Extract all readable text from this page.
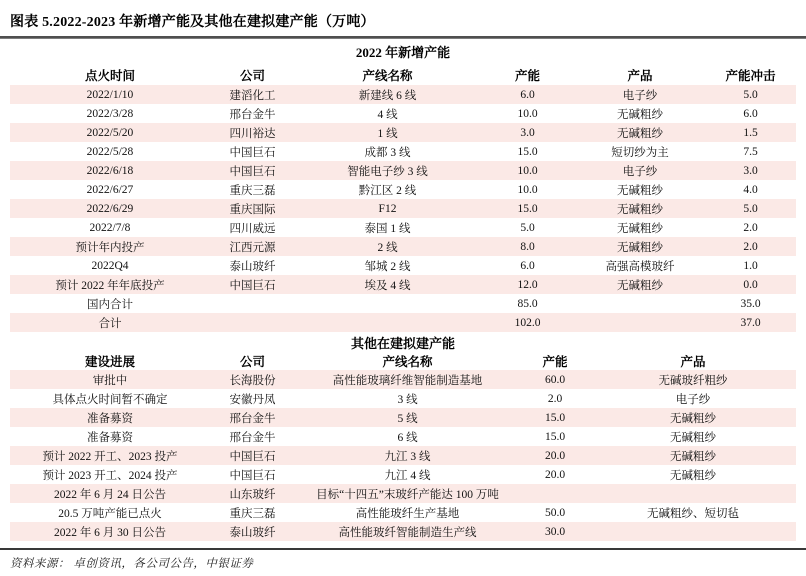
图表 5.2022-2023 年新增产能及其他在建拟建产能（万吨）
2022 年新增产能					
点火时间	公司	产线名称	产能	产品	产能冲击
2022/1/10	建滔化工	新建线 6 线	6.0	电子纱	5.0
2022/3/28	邢台金牛	4 线	10.0	无碱粗纱	6.0
2022/5/20	四川裕达	1 线	3.0	无碱粗纱	1.5
2022/5/28	中国巨石	成都 3 线	15.0	短切纱为主	7.5
2022/6/18	中国巨石	智能电子纱 3 线	10.0	电子纱	3.0
2022/6/27	重庆三磊	黔江区 2 线	10.0	无碱粗纱	4.0
2022/6/29	重庆国际	F12	15.0	无碱粗纱	5.0
2022/7/8	四川威远	泰国 1 线	5.0	无碱粗纱	2.0
预计年内投产	江西元源	2 线	8.0	无碱粗纱	2.0
2022Q4	泰山玻纤	邹城 2 线	6.0	高强高模玻纤	1.0
预计 2022 年年底投产	中国巨石	埃及 4 线	12.0	无碱粗纱	0.0
国内合计			85.0		35.0
合计			102.0		37.0
其他在建拟建产能				
建设进展	公司	产线名称	产能	产品
审批中	长海股份	高性能玻璃纤维智能制造基地	60.0	无碱玻纤粗纱
具体点火时间暂不确定	安徽丹凤	3 线	2.0	电子纱
准备募资	邢台金牛	5 线	15.0	无碱粗纱
准备募资	邢台金牛	6 线	15.0	无碱粗纱
预计 2022 开工、2023 投产	中国巨石	九江 3 线	20.0	无碱粗纱
预计 2023 开工、2024 投产	中国巨石	九江 4 线	20.0	无碱粗纱
2022 年 6 月 24 日公告	山东玻纤	目标“十四五”末玻纤产能达 100 万吨		
20.5 万吨产能已点火	重庆三磊	高性能玻纤生产基地	50.0	无碱粗纱、短切毡
2022 年 6 月 30 日公告	泰山玻纤	高性能玻纤智能制造生产线	30.0	
资料来源： 卓创资讯，各公司公告，中银证券
